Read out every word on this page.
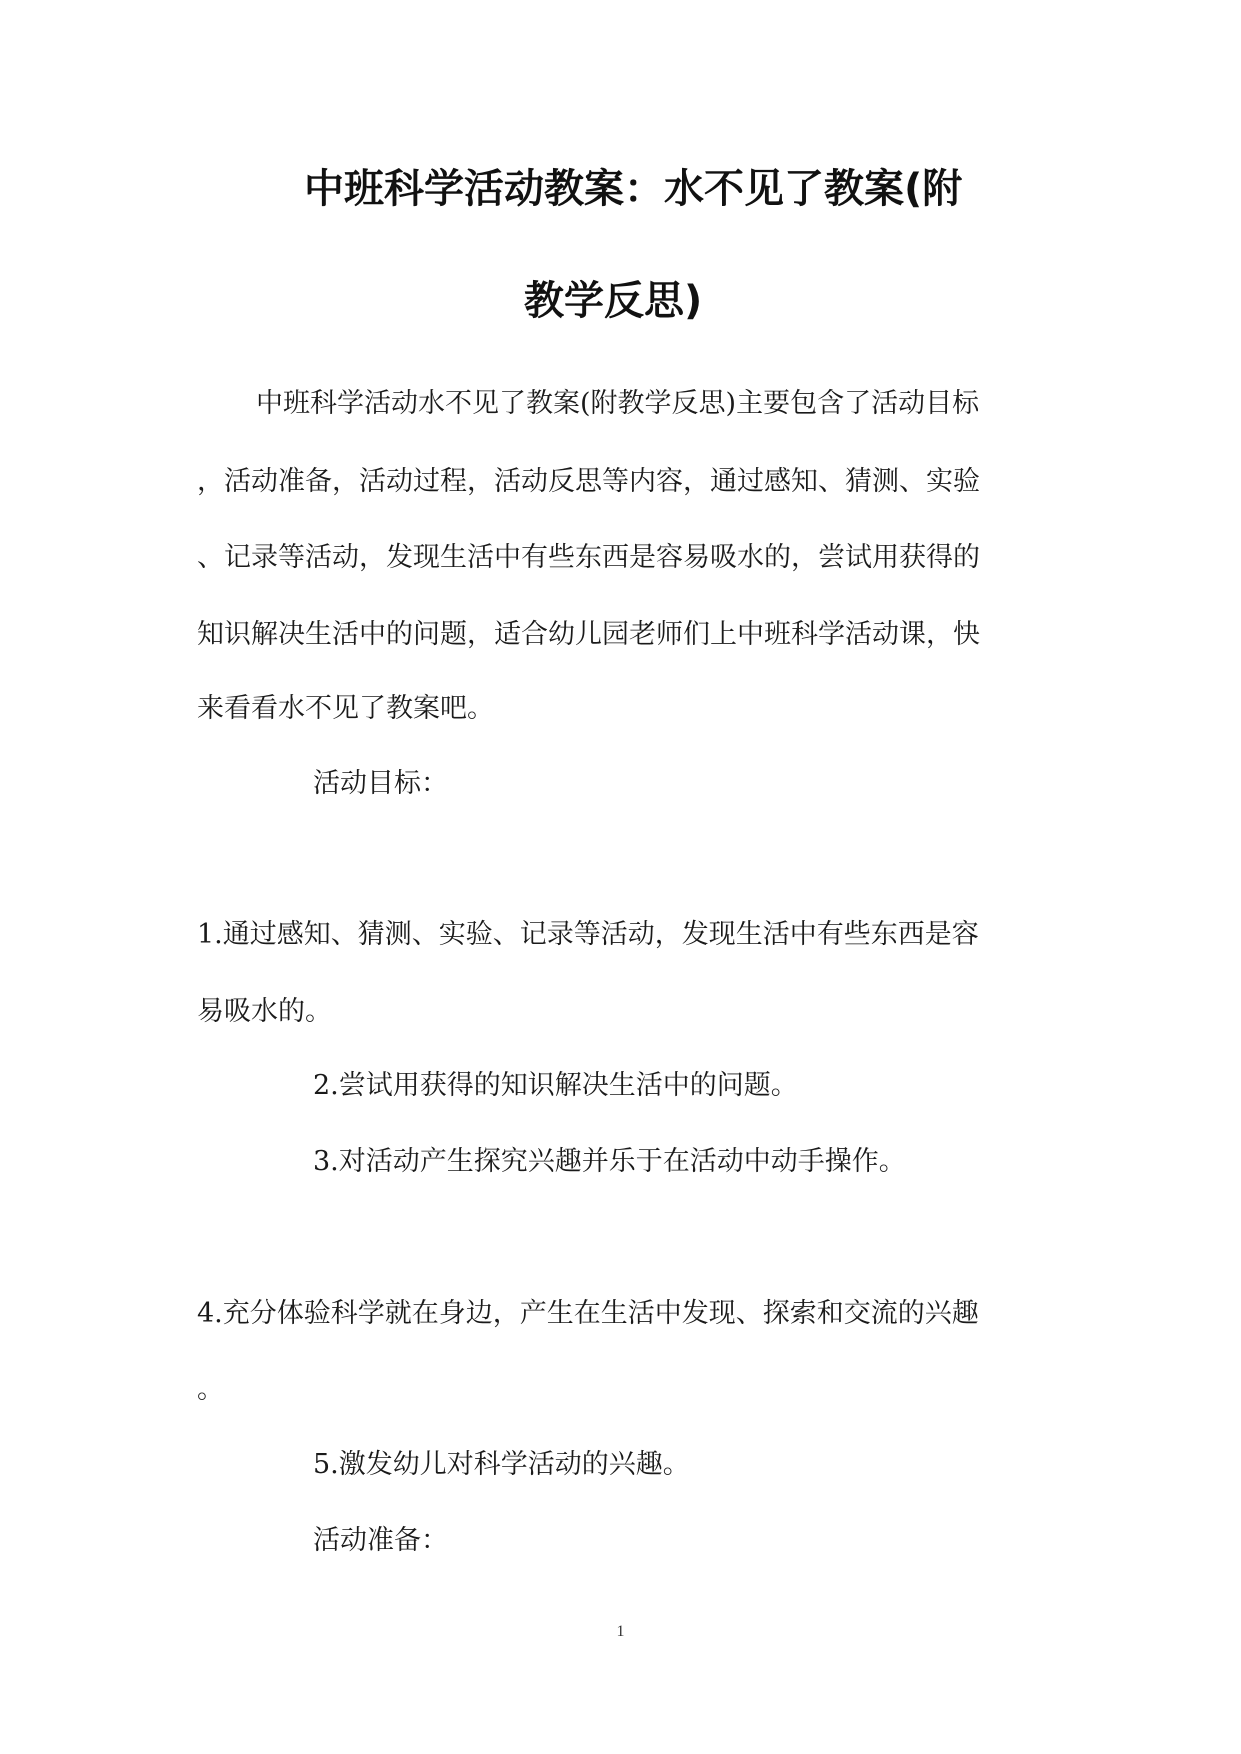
中班科学活动教案：水不见了教案(附
教学反思)
中班科学活动水不见了教案(附教学反思)主要包含了活动目标
，活动准备，活动过程，活动反思等内容，通过感知、猜测、实验
、记录等活动，发现生活中有些东西是容易吸水的，尝试用获得的
知识解决生活中的问题，适合幼儿园老师们上中班科学活动课，快
来看看水不见了教案吧。
活动目标：
1.通过感知、猜测、实验、记录等活动，发现生活中有些东西是容
易吸水的。
2.尝试用获得的知识解决生活中的问题。
3.对活动产生探究兴趣并乐于在活动中动手操作。
4.充分体验科学就在身边，产生在生活中发现、探索和交流的兴趣
。
5.激发幼儿对科学活动的兴趣。
活动准备：
1
